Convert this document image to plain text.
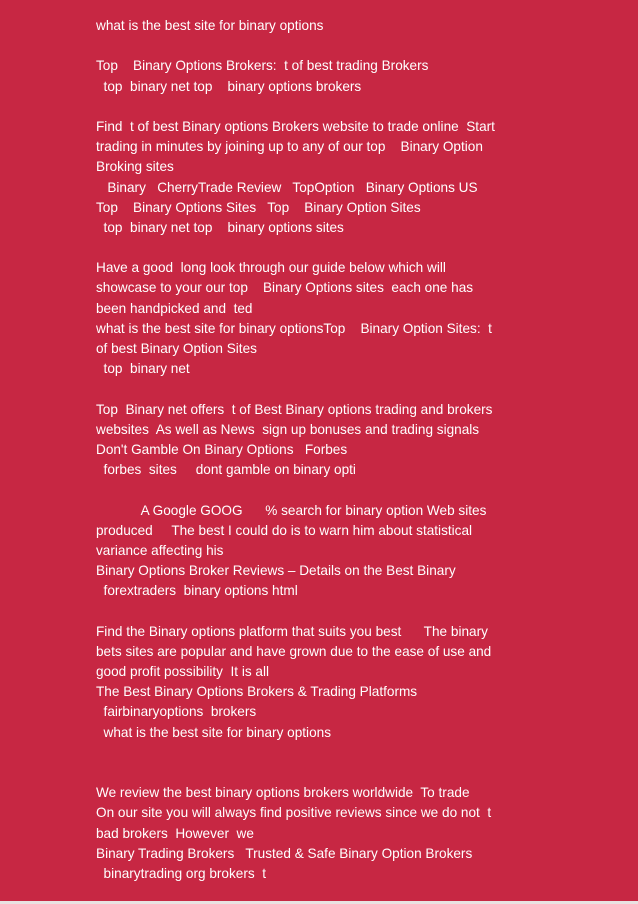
what is the best site for binary options
Top    Binary Options Brokers:  t of best trading Brokers
top  binary net top    binary options brokers
Find  t of best Binary options Brokers website to trade online  Start
trading in minutes by joining up to any of our top    Binary Option
Broking sites
Binary   CherryTrade Review   TopOption   Binary Options US
Top    Binary Options Sites   Top    Binary Option Sites
top  binary net top    binary options sites
Have a good  long look through our guide below which will
showcase to your our top    Binary Options sites  each one has
been handpicked and  ted
what is the best site for binary optionsTop    Binary Option Sites:  t
of best Binary Option Sites
top  binary net
Top  Binary net offers  t of Best Binary options trading and brokers
websites  As well as News  sign up bonuses and trading signals
Don't Gamble On Binary Options   Forbes
forbes  sites     dont gamble on binary opti
A Google GOOG      % search for binary option Web sites
produced     The best I could do is to warn him about statistical
variance affecting his
Binary Options Broker Reviews – Details on the Best Binary
forextraders  binary options html
Find the Binary options platform that suits you best      The binary
bets sites are popular and have grown due to the ease of use and
good profit possibility  It is all
The Best Binary Options Brokers & Trading Platforms
fairbinaryoptions  brokers
what is the best site for binary options
We review the best binary options brokers worldwide  To trade
On our site you will always find positive reviews since we do not  t
bad brokers  However  we
Binary Trading Brokers   Trusted & Safe Binary Option Brokers
binarytrading org brokers  t
